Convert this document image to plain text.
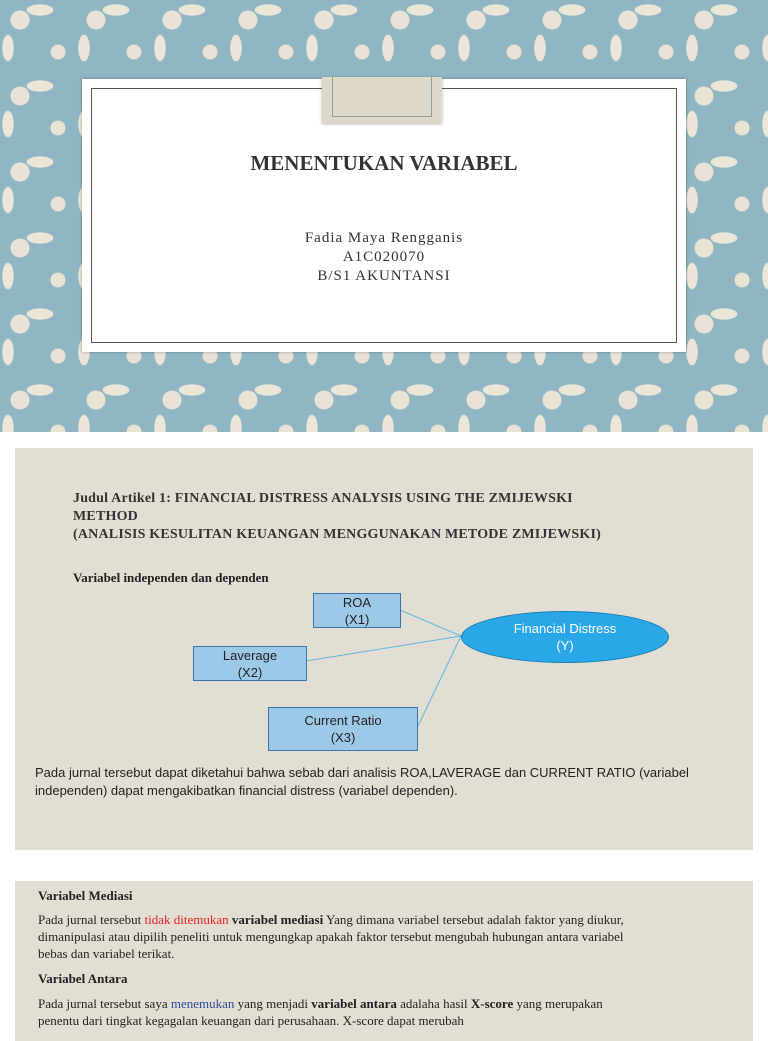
MENENTUKAN VARIABEL
Fadia Maya Rengganis
A1C020070
B/S1 AKUNTANSI
Judul Artikel 1: FINANCIAL DISTRESS ANALYSIS USING THE ZMIJEWSKI
METHOD
(ANALISIS KESULITAN KEUANGAN MENGGUNAKAN METODE ZMIJEWSKI)
Variabel independen dan dependen
ROA
(X1)
Laverage
(X2)
Current Ratio
(X3)
Financial Distress
(Y)
Pada jurnal tersebut dapat diketahui bahwa sebab dari analisis ROA,LAVERAGE dan CURRENT RATIO (variabel independen) dapat mengakibatkan financial distress (variabel dependen).
Variabel Mediasi
Pada jurnal tersebut tidak ditemukan variabel mediasi Yang dimana variabel tersebut adalah faktor yang diukur, dimanipulasi atau dipilih peneliti untuk mengungkap apakah faktor tersebut mengubah hubungan antara variabel bebas dan variabel terikat.
Variabel Antara
Pada jurnal tersebut saya menemukan yang menjadi variabel antara adalaha hasil X-score yang merupakan penentu dari tingkat kegagalan keuangan dari perusahaan. X-score dapat merubah
